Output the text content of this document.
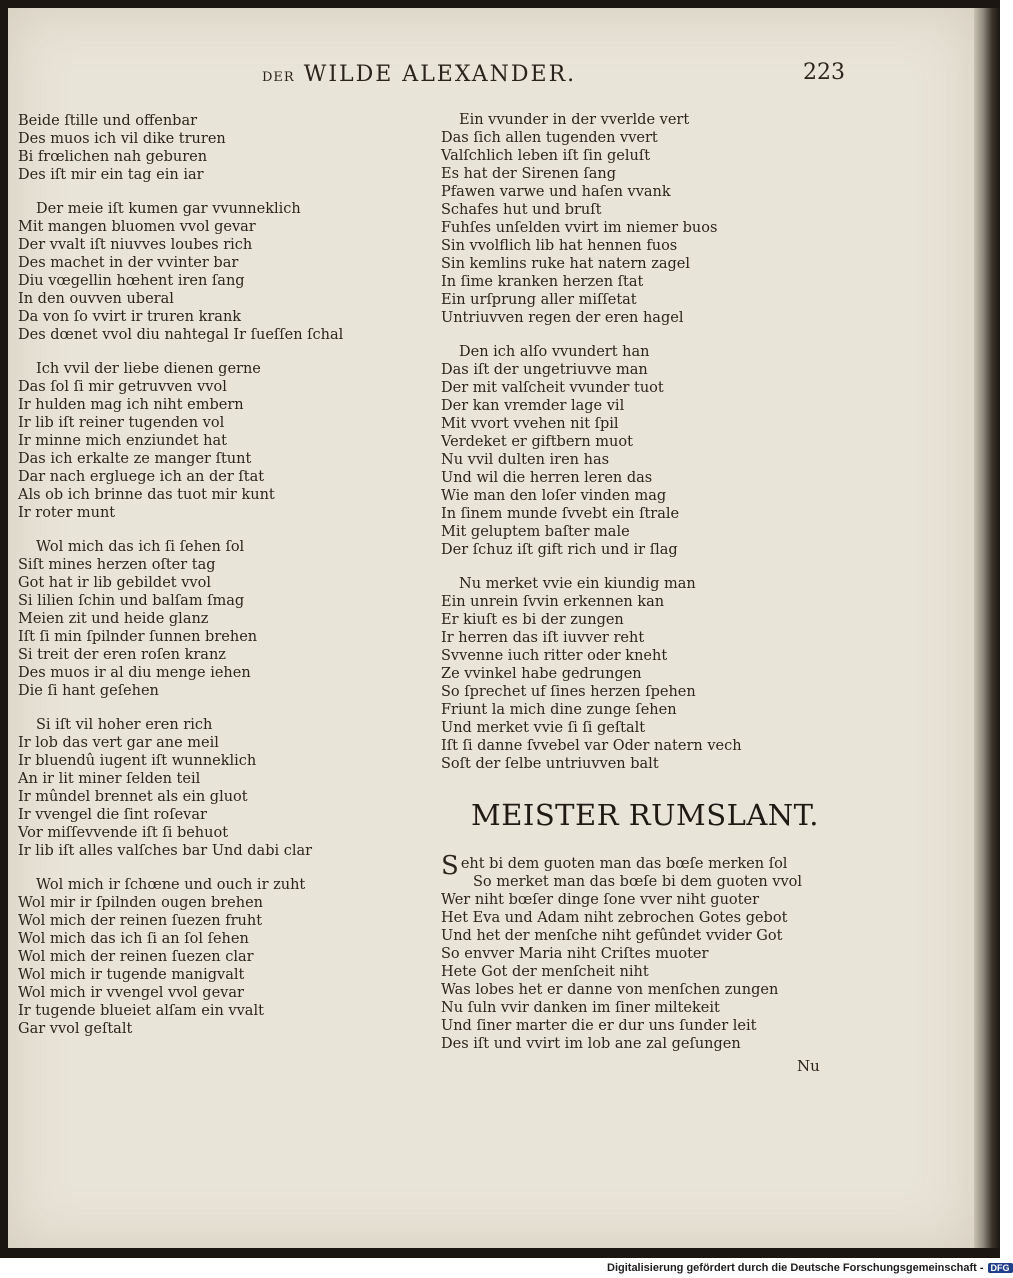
DER WILDE ALEXANDER.	223
Beide ſtille und offenbar
Des muos ich vil dike truren
Bi frœlichen nah geburen
Des iſt mir ein tag ein iar
Der meie iſt kumen gar vvunneklich
Mit mangen bluomen vvol gevar
Der vvalt iſt niuvves loubes rich
Des machet in der vvinter bar
Diu vœgellin hœhent iren ſang
In den ouvven uberal
Da von ſo vvirt ir truren krank
Des dœnet vvol diu nahtegal Ir ſueſſen ſchal
Ich vvil der liebe dienen gerne
Das ſol ſi mir getruvven vvol
Ir hulden mag ich niht embern
Ir lib iſt reiner tugenden vol
Ir minne mich enziundet hat
Das ich erkalte ze manger ſtunt
Dar nach ergluege ich an der ſtat
Als ob ich brinne das tuot mir kunt
Ir roter munt
Wol mich das ich ſi ſehen ſol
Siſt mines herzen oſter tag
Got hat ir lib gebildet vvol
Si lilien ſchin und balſam ſmag
Meien zit und heide glanz
Iſt ſi min ſpilnder ſunnen brehen
Si treit der eren roſen kranz
Des muos ir al diu menge iehen
Die ſi hant geſehen
Si iſt vil hoher eren rich
Ir lob das vert gar ane meil
Ir bluendû iugent iſt wunneklich
An ir lit miner ſelden teil
Ir mûndel brennet als ein gluot
Ir vvengel die ſint roſevar
Vor miſſevvende iſt ſi behuot
Ir lib iſt alles valſches bar Und dabi clar
Wol mich ir ſchœne und ouch ir zuht
Wol mir ir ſpilnden ougen brehen
Wol mich der reinen ſuezen fruht
Wol mich das ich ſi an ſol ſehen
Wol mich der reinen ſuezen clar
Wol mich ir tugende manigvalt
Wol mich ir vvengel vvol gevar
Ir tugende blueiet alſam ein vvalt
Gar vvol geſtalt
Ein vvunder in der vverlde vert
Das ſich allen tugenden vvert
Valſchlich leben iſt ſin geluſt
Es hat der Sirenen ſang
Pfawen varwe und haſen vvank
Schafes hut und bruſt
Fuhſes unſelden vvirt im niemer buos
Sin vvolflich lib hat hennen fuos
Sin kemlins ruke hat natern zagel
In ſime kranken herzen ſtat
Ein urſprung aller miſſetat
Untriuvven regen der eren hagel
Den ich alſo vvundert han
Das iſt der ungetriuvve man
Der mit valſcheit vvunder tuot
Der kan vremder lage vil
Mit vvort vvehen nit ſpil
Verdeket er giftbern muot
Nu vvil dulten iren has
Und wil die herren leren das
Wie man den loſer vinden mag
In ſinem munde ſvvebt ein ſtrale
Mit geluptem baſter male
Der ſchuz iſt gift rich und ir ſlag
Nu merket vvie ein kiundig man
Ein unrein ſvvin erkennen kan
Er kiuſt es bi der zungen
Ir herren das iſt iuvver reht
Svvenne iuch ritter oder kneht
Ze vvinkel habe gedrungen
So ſprechet uf ſines herzen ſpehen
Friunt la mich dine zunge ſehen
Und merket vvie ſi ſi geſtalt
Iſt ſi danne ſvvebel var Oder natern vech
Soſt der ſelbe untriuvven balt
MEISTER RUMSLANT.
Seht bi dem guoten man das bœſe merken ſol
So merket man das bœſe bi dem guoten vvol
Wer niht bœſer dinge ſone vver niht guoter
Het Eva und Adam niht zebrochen Gotes gebot
Und het der menſche niht gefûndet vvider Got
So envver Maria niht Criſtes muoter
Hete Got der menſcheit niht
Was lobes het er danne von menſchen zungen
Nu ſuln vvir danken im ſiner miltekeit
Und ſiner marter die er dur uns ſunder leit
Des iſt und vvirt im lob ane zal geſungen
Nu
Digitalisierung gefördert durch die Deutsche Forschungsgemeinschaft - DFG
